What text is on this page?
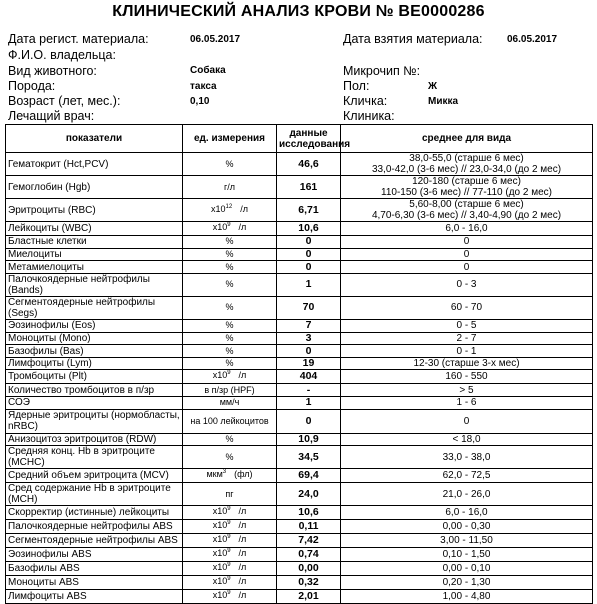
КЛИНИЧЕСКИЙ АНАЛИЗ КРОВИ № BE0000286
Дата регист. материала:	06.05.2017	Дата взятия материала: 06.05.2017
Ф.И.О. владельца:
Вид животного:	Собака	Микрочип №:
Порода:	такса	Пол:	Ж
Возраст (лет, мес.):	0,10	Кличка:	Микка
Лечащий врач:	Клиника:
показатели	ед. измерения	данные исследования	среднее для вида
Гематокрит (Hct,PCV)	%	46,6	38,0-55,0 (старше 6 мес)
33,0-42,0 (3-6 мес) // 23,0-34,0 (до 2 мес)

Гемоглобин (Hgb)	г/л	161	120-180 (старше 6 мес)
110-150 (3-6 мес) // 77-110 (до 2 мес)

Эритроциты (RBC)	$x10^{12}$ /л	6,71	5,60-8,00 (старше 6 мес)
4,70-6,30 (3-6 мес) // 3,40-4,90 (до 2 мес)

Лейкоциты (WBC)	$x10^9$ /л	10,6	6,0 - 16,0

Бластные клетки	%	0	0

Миелоциты	%	0	0

Метамиелоциты	%	0	0

Палочкоядерные нейтрофилы (Bands)	%	1	0 - 3

Сегментоядерные нейтрофилы (Segs)	%	70	60 - 70

Эозинофилы (Eos)	%	7	0 - 5

Моноциты (Mono)	%	3	2 - 7

Базофилы (Bas)	%	0	0 - 1

Лимфоциты (Lym)	%	19	12-30 (старше 3-х мес)

Тромбоциты (Plt)	$x10^9$ /л	404	160 - 550

Количество тромбоцитов в п/зр	в п/зр (HPF)	-	> 5

СОЭ	мм/ч	1	1 - 6

Ядерные эритроциты (нормобласты, nRBC)	на 100 лейкоцитов	0	0

Анизоцитоз эритроцитов (RDW)	%	10,9	< 18,0

Средняя конц. Hb в эритроците (MCHC)	%	34,5	33,0 - 38,0

Средний объем эритроцита (MCV)	мкм$^3$ (фл)	69,4	62,0 - 72,5

Сред содержание Hb в эритроците (MCH)	пг	24,0	21,0 - 26,0

Скорректир (истинные) лейкоциты	$x10^9$ /л	10,6	6,0 - 16,0

Палочкоядерные нейтрофилы ABS	$x10^9$ /л	0,11	0,00 - 0,30

Сегментоядерные нейтрофилы ABS	$x10^9$ /л	7,42	3,00 - 11,50

Эозинофилы ABS	$x10^9$ /л	0,74	0,10 - 1,50

Базофилы ABS	$x10^9$ /л	0,00	0,00 - 0,10

Моноциты ABS	$x10^9$ /л	0,32	0,20 - 1,30

Лимфоциты ABS	$x10^9$ /л	2,01	1,00 - 4,80
